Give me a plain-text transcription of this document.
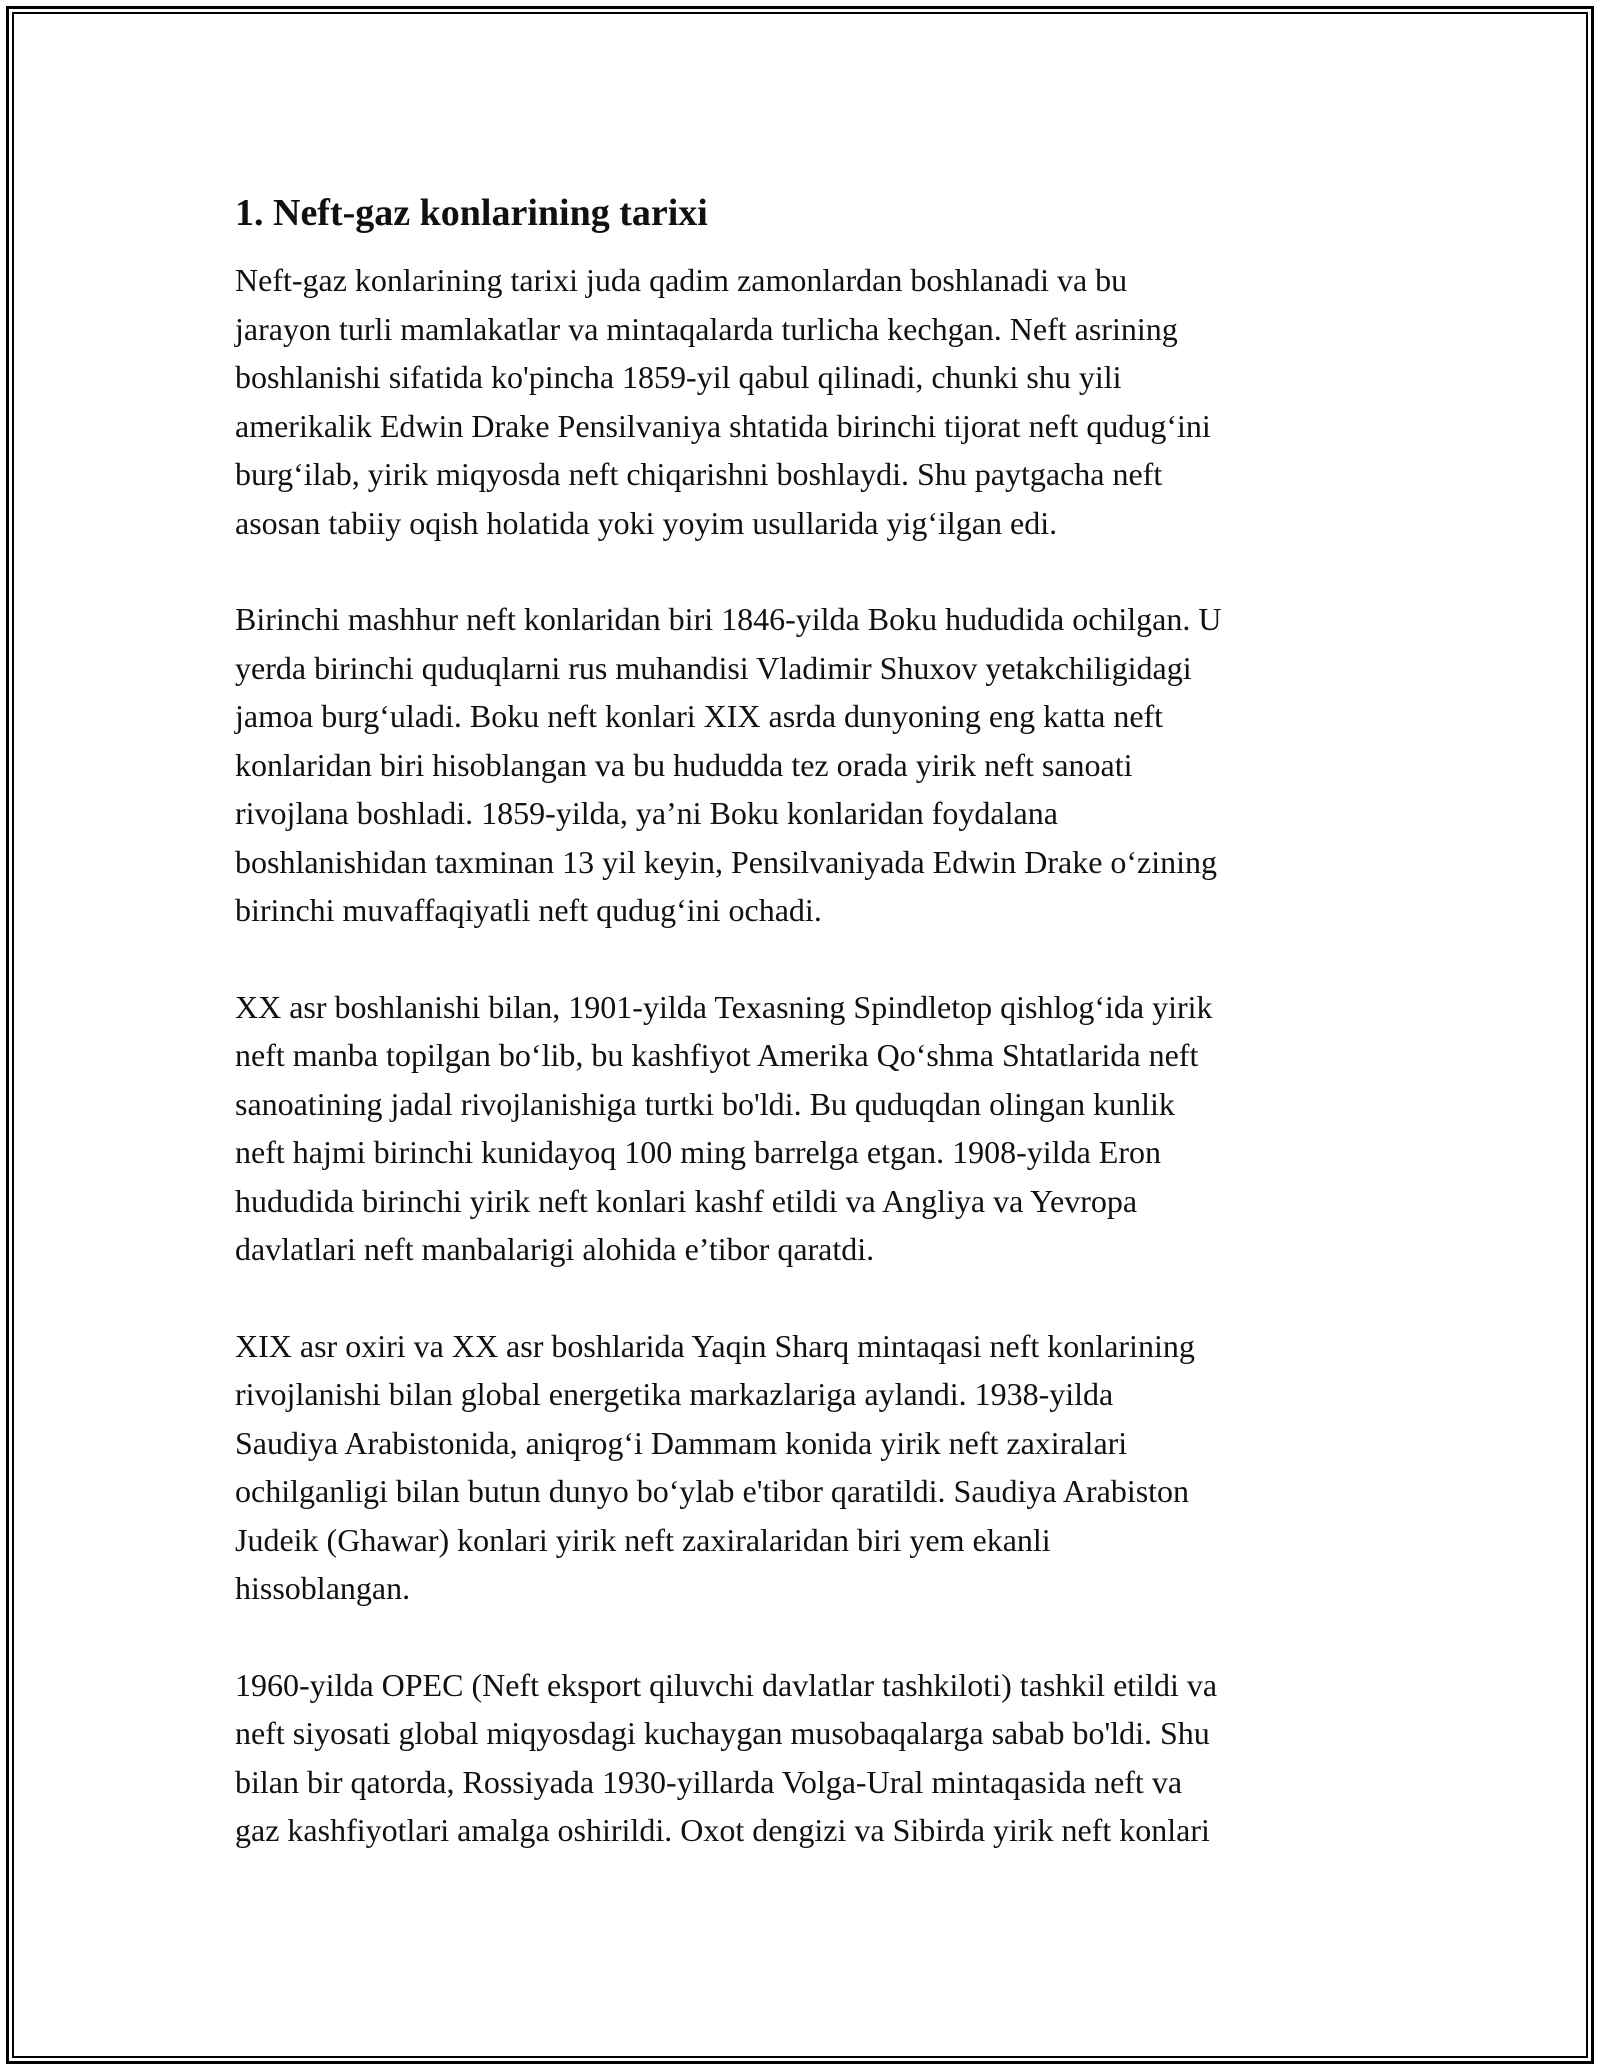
1. Neft-gaz konlarining tarixi

Neft-gaz konlarining tarixi juda qadim zamonlardan boshlanadi va bu
jarayon turli mamlakatlar va mintaqalarda turlicha kechgan. Neft asrining
boshlanishi sifatida ko'pincha 1859-yil qabul qilinadi, chunki shu yili
amerikalik Edwin Drake Pensilvaniya shtatida birinchi tijorat neft qudug‘ini
burg‘ilab, yirik miqyosda neft chiqarishni boshlaydi. Shu paytgacha neft
asosan tabiiy oqish holatida yoki yoyim usullarida yig‘ilgan edi.

Birinchi mashhur neft konlaridan biri 1846-yilda Boku hududida ochilgan. U
yerda birinchi quduqlarni rus muhandisi Vladimir Shuxov yetakchiligidagi
jamoa burg‘uladi. Boku neft konlari XIX asrda dunyoning eng katta neft
konlaridan biri hisoblangan va bu hududda tez orada yirik neft sanoati
rivojlana boshladi. 1859-yilda, ya’ni Boku konlaridan foydalana
boshlanishidan taxminan 13 yil keyin, Pensilvaniyada Edwin Drake o‘zining
birinchi muvaffaqiyatli neft qudug‘ini ochadi.

XX asr boshlanishi bilan, 1901-yilda Texasning Spindletop qishlog‘ida yirik
neft manba topilgan bo‘lib, bu kashfiyot Amerika Qo‘shma Shtatlarida neft
sanoatining jadal rivojlanishiga turtki bo'ldi. Bu quduqdan olingan kunlik
neft hajmi birinchi kunidayoq 100 ming barrelga etgan. 1908-yilda Eron
hududida birinchi yirik neft konlari kashf etildi va Angliya va Yevropa
davlatlari neft manbalarigi alohida e’tibor qaratdi.

XIX asr oxiri va XX asr boshlarida Yaqin Sharq mintaqasi neft konlarining
rivojlanishi bilan global energetika markazlariga aylandi. 1938-yilda
Saudiya Arabistonida, aniqrog‘i Dammam konida yirik neft zaxiralari
ochilganligi bilan butun dunyo bo‘ylab e'tibor qaratildi. Saudiya Arabiston
Judeik (Ghawar) konlari yirik neft zaxiralaridan biri yem ekanli
hissoblangan.

1960-yilda OPEC (Neft eksport qiluvchi davlatlar tashkiloti) tashkil etildi va
neft siyosati global miqyosdagi kuchaygan musobaqalarga sabab bo'ldi. Shu
bilan bir qatorda, Rossiyada 1930-yillarda Volga-Ural mintaqasida neft va
gaz kashfiyotlari amalga oshirildi. Oxot dengizi va Sibirda yirik neft konlari
